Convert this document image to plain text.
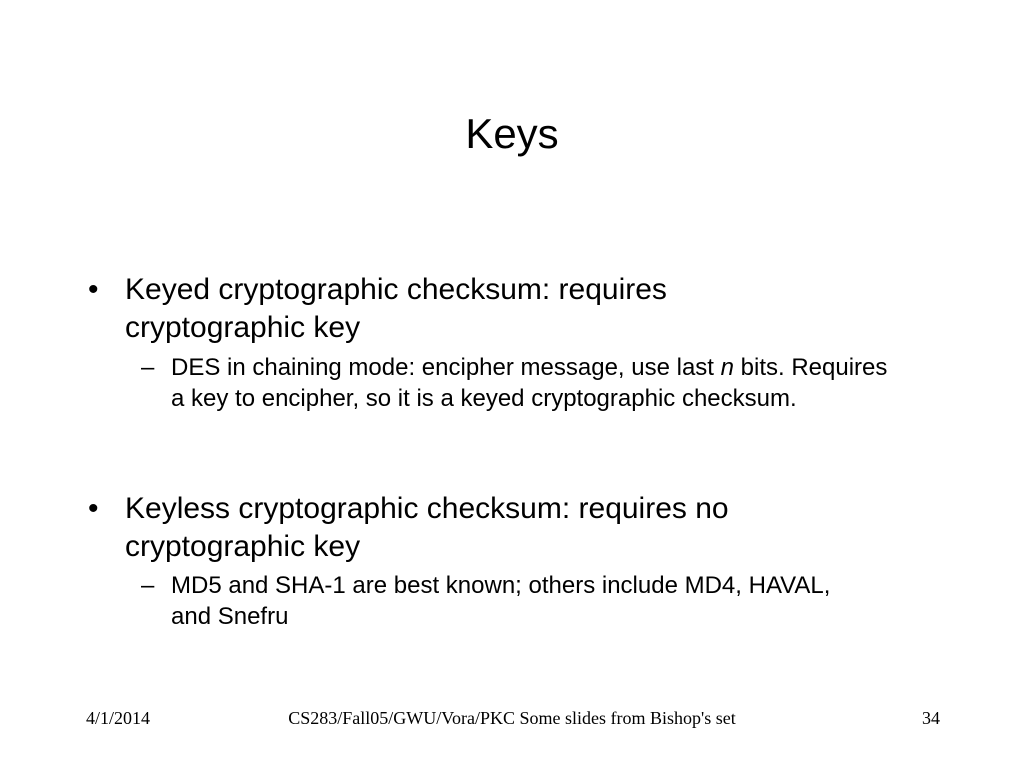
Keys
• Keyed cryptographic checksum: requires cryptographic key
– DES in chaining mode: encipher message, use last n bits. Requires a key to encipher, so it is a keyed cryptographic checksum.
• Keyless cryptographic checksum: requires no cryptographic key
– MD5 and SHA-1 are best known; others include MD4, HAVAL, and Snefru
4/1/2014	CS283/Fall05/GWU/Vora/PKC Some slides from Bishop's set	34
